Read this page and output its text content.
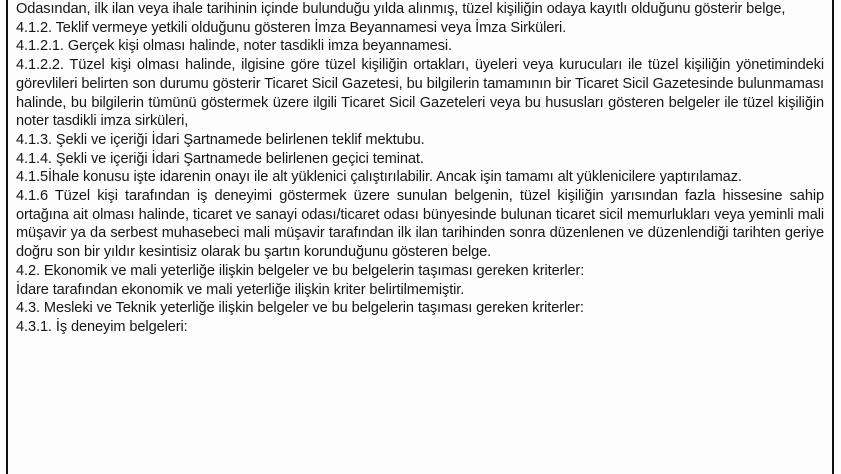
Odasından, ilk ilan veya ihale tarihinin içinde bulunduğu yılda alınmış, tüzel kişiliğin odaya kayıtlı olduğunu gösterir belge,

4.1.2. Teklif vermeye yetkili olduğunu gösteren İmza Beyannamesi veya İmza Sirküleri.

4.1.2.1. Gerçek kişi olması halinde, noter tasdikli imza beyannamesi.

4.1.2.2. Tüzel kişi olması halinde, ilgisine göre tüzel kişiliğin ortakları, üyeleri veya kurucuları ile tüzel kişiliğin yönetimindeki görevlileri belirten son durumu gösterir Ticaret Sicil Gazetesi, bu bilgilerin tamamının bir Ticaret Sicil Gazetesinde bulunmaması halinde, bu bilgilerin tümünü göstermek üzere ilgili Ticaret Sicil Gazeteleri veya bu hususları gösteren belgeler ile tüzel kişiliğin noter tasdikli imza sirküleri,

4.1.3. Şekli ve içeriği İdari Şartnamede belirlenen teklif mektubu.

4.1.4. Şekli ve içeriği İdari Şartnamede belirlenen geçici teminat.

4.1.5İhale konusu işte idarenin onayı ile alt yüklenici çalıştırılabilir. Ancak işin tamamı alt yüklenicilere yaptırılamaz.

4.1.6 Tüzel kişi tarafından iş deneyimi göstermek üzere sunulan belgenin, tüzel kişiliğin yarısından fazla hissesine sahip ortağına ait olması halinde, ticaret ve sanayi odası/ticaret odası bünyesinde bulunan ticaret sicil memurlukları veya yeminli mali müşavir ya da serbest muhasebeci mali müşavir tarafından ilk ilan tarihinden sonra düzenlenen ve düzenlendiği tarihten geriye doğru son bir yıldır kesintisiz olarak bu şartın korunduğunu gösteren belge.

4.2. Ekonomik ve mali yeterliğe ilişkin belgeler ve bu belgelerin taşıması gereken kriterler:

İdare tarafından ekonomik ve mali yeterliğe ilişkin kriter belirtilmemiştir.

4.3. Mesleki ve Teknik yeterliğe ilişkin belgeler ve bu belgelerin taşıması gereken kriterler:

4.3.1. İş deneyim belgeleri:
